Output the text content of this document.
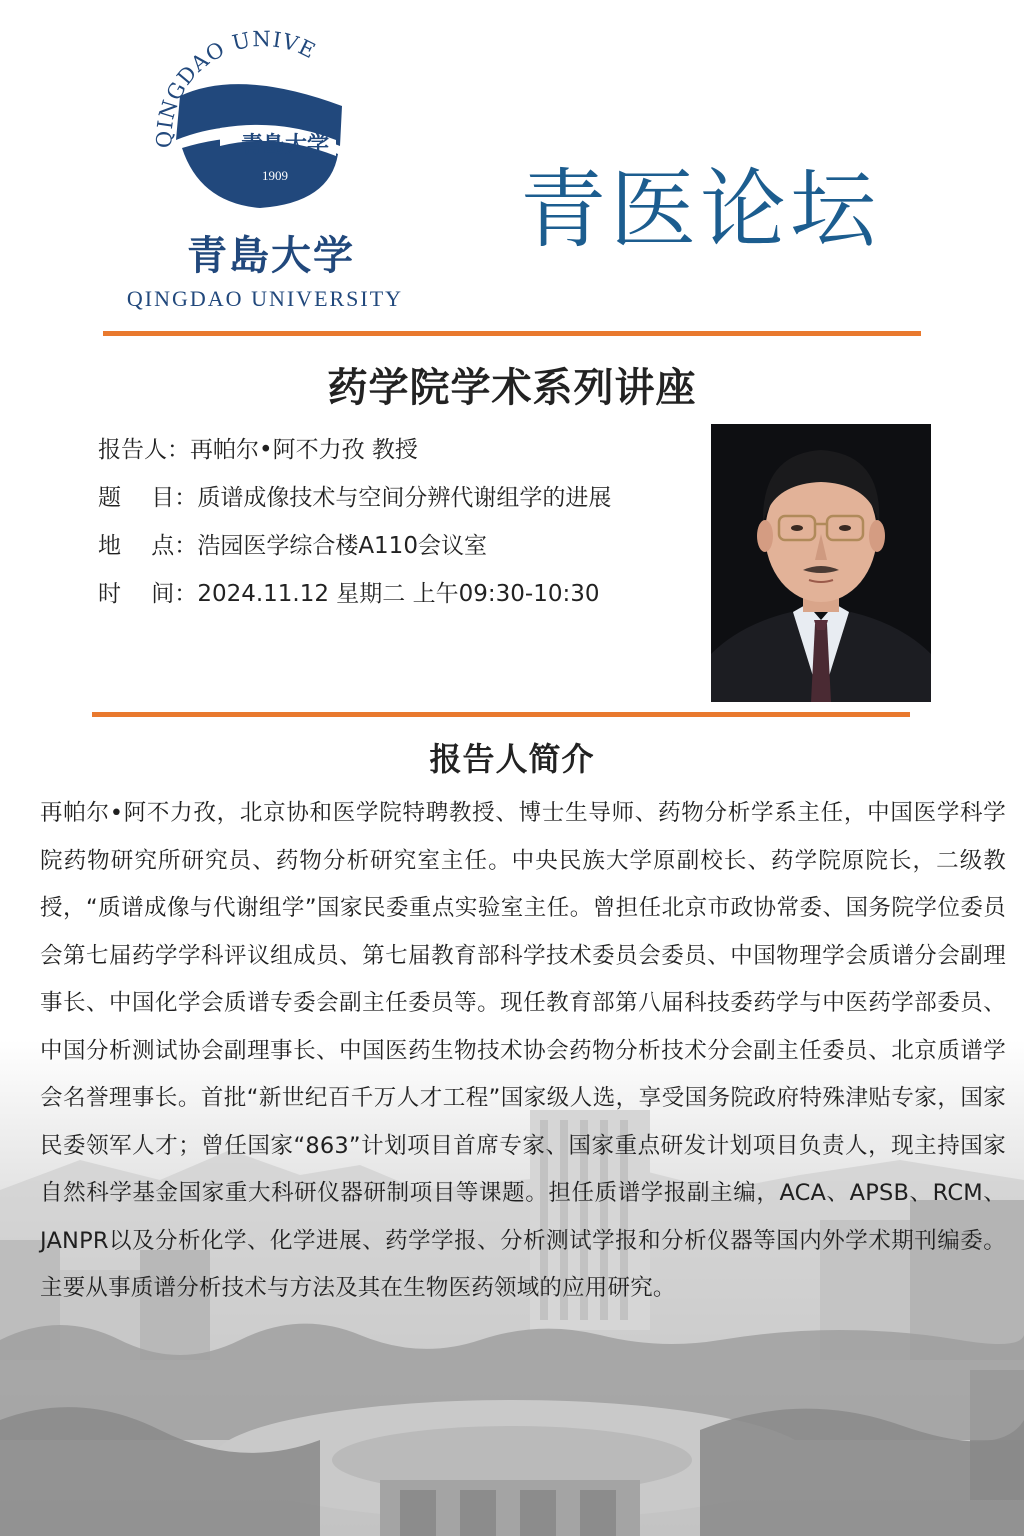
QINGDAO UNIVE
青島大学
1909
青島大学
QINGDAO UNIVERSITY
青医论坛
药学院学术系列讲座
报告人：再帕尔•阿不力孜 教授
题　 目：质谱成像技术与空间分辨代谢组学的进展
地　 点：浩园医学综合楼A110会议室
时　 间：2024.11.12 星期二 上午09:30-10:30
报告人简介
再帕尔•阿不力孜，北京协和医学院特聘教授、博士生导师、药物分析学系主任，中国医学科学院药物研究所研究员、药物分析研究室主任。中央民族大学原副校长、药学院原院长，二级教授，“质谱成像与代谢组学”国家民委重点实验室主任。曾担任北京市政协常委、国务院学位委员会第七届药学学科评议组成员、第七届教育部科学技术委员会委员、中国物理学会质谱分会副理事长、中国化学会质谱专委会副主任委员等。现任教育部第八届科技委药学与中医药学部委员、中国分析测试协会副理事长、中国医药生物技术协会药物分析技术分会副主任委员、北京质谱学会名誉理事长。首批“新世纪百千万人才工程”国家级人选，享受国务院政府特殊津贴专家，国家民委领军人才；曾任国家“863”计划项目首席专家、国家重点研发计划项目负责人，现主持国家自然科学基金国家重大科研仪器研制项目等课题。担任质谱学报副主编，ACA、APSB、RCM、JANPR以及分析化学、化学进展、药学学报、分析测试学报和分析仪器等国内外学术期刊编委。主要从事质谱分析技术与方法及其在生物医药领域的应用研究。
